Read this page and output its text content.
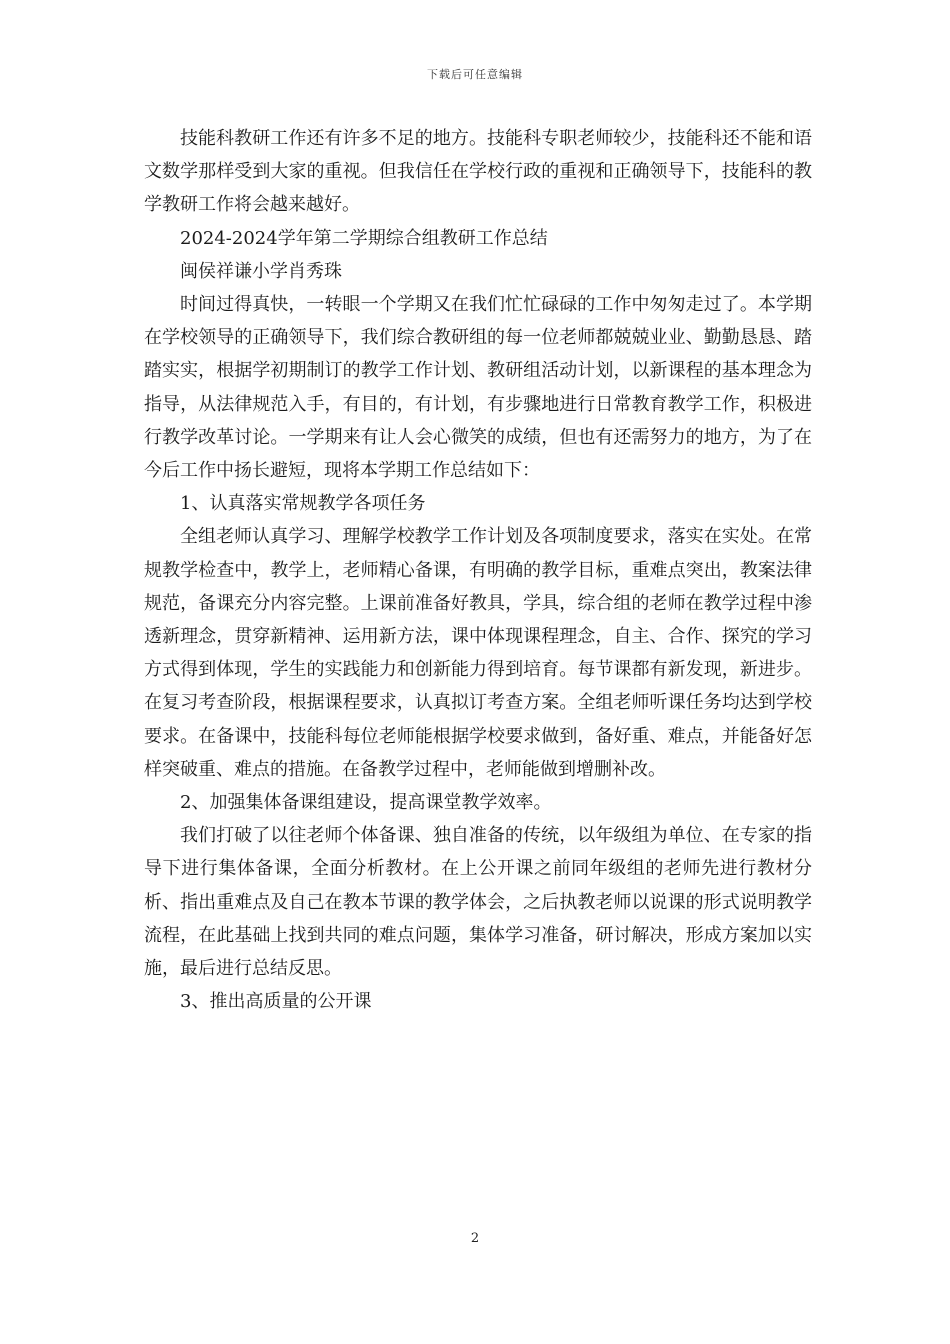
下载后可任意编辑

技能科教研工作还有许多不足的地方。技能科专职老师较少，技能科还不能和语文数学那样受到大家的重视。但我信任在学校行政的重视和正确领导下，技能科的教学教研工作将会越来越好。

2024-2024学年第二学期综合组教研工作总结

闽侯祥谦小学肖秀珠

时间过得真快，一转眼一个学期又在我们忙忙碌碌的工作中匆匆走过了。本学期在学校领导的正确领导下，我们综合教研组的每一位老师都兢兢业业、勤勤恳恳、踏踏实实，根据学初期制订的教学工作计划、教研组活动计划，以新课程的基本理念为指导，从法律规范入手，有目的，有计划，有步骤地进行日常教育教学工作，积极进行教学改革讨论。一学期来有让人会心微笑的成绩，但也有还需努力的地方，为了在今后工作中扬长避短，现将本学期工作总结如下：

1、认真落实常规教学各项任务

全组老师认真学习、理解学校教学工作计划及各项制度要求，落实在实处。在常规教学检查中，教学上，老师精心备课，有明确的教学目标，重难点突出，教案法律规范，备课充分内容完整。上课前准备好教具，学具，综合组的老师在教学过程中渗透新理念，贯穿新精神、运用新方法，课中体现课程理念，自主、合作、探究的学习方式得到体现，学生的实践能力和创新能力得到培育。每节课都有新发现，新进步。在复习考查阶段，根据课程要求，认真拟订考查方案。全组老师听课任务均达到学校要求。在备课中，技能科每位老师能根据学校要求做到，备好重、难点，并能备好怎样突破重、难点的措施。在备教学过程中，老师能做到增删补改。

2、加强集体备课组建设，提高课堂教学效率。

我们打破了以往老师个体备课、独自准备的传统，以年级组为单位、在专家的指导下进行集体备课，全面分析教材。在上公开课之前同年级组的老师先进行教材分析、指出重难点及自己在教本节课的教学体会，之后执教老师以说课的形式说明教学流程，在此基础上找到共同的难点问题，集体学习准备，研讨解决，形成方案加以实施，最后进行总结反思。

3、推出高质量的公开课

2
